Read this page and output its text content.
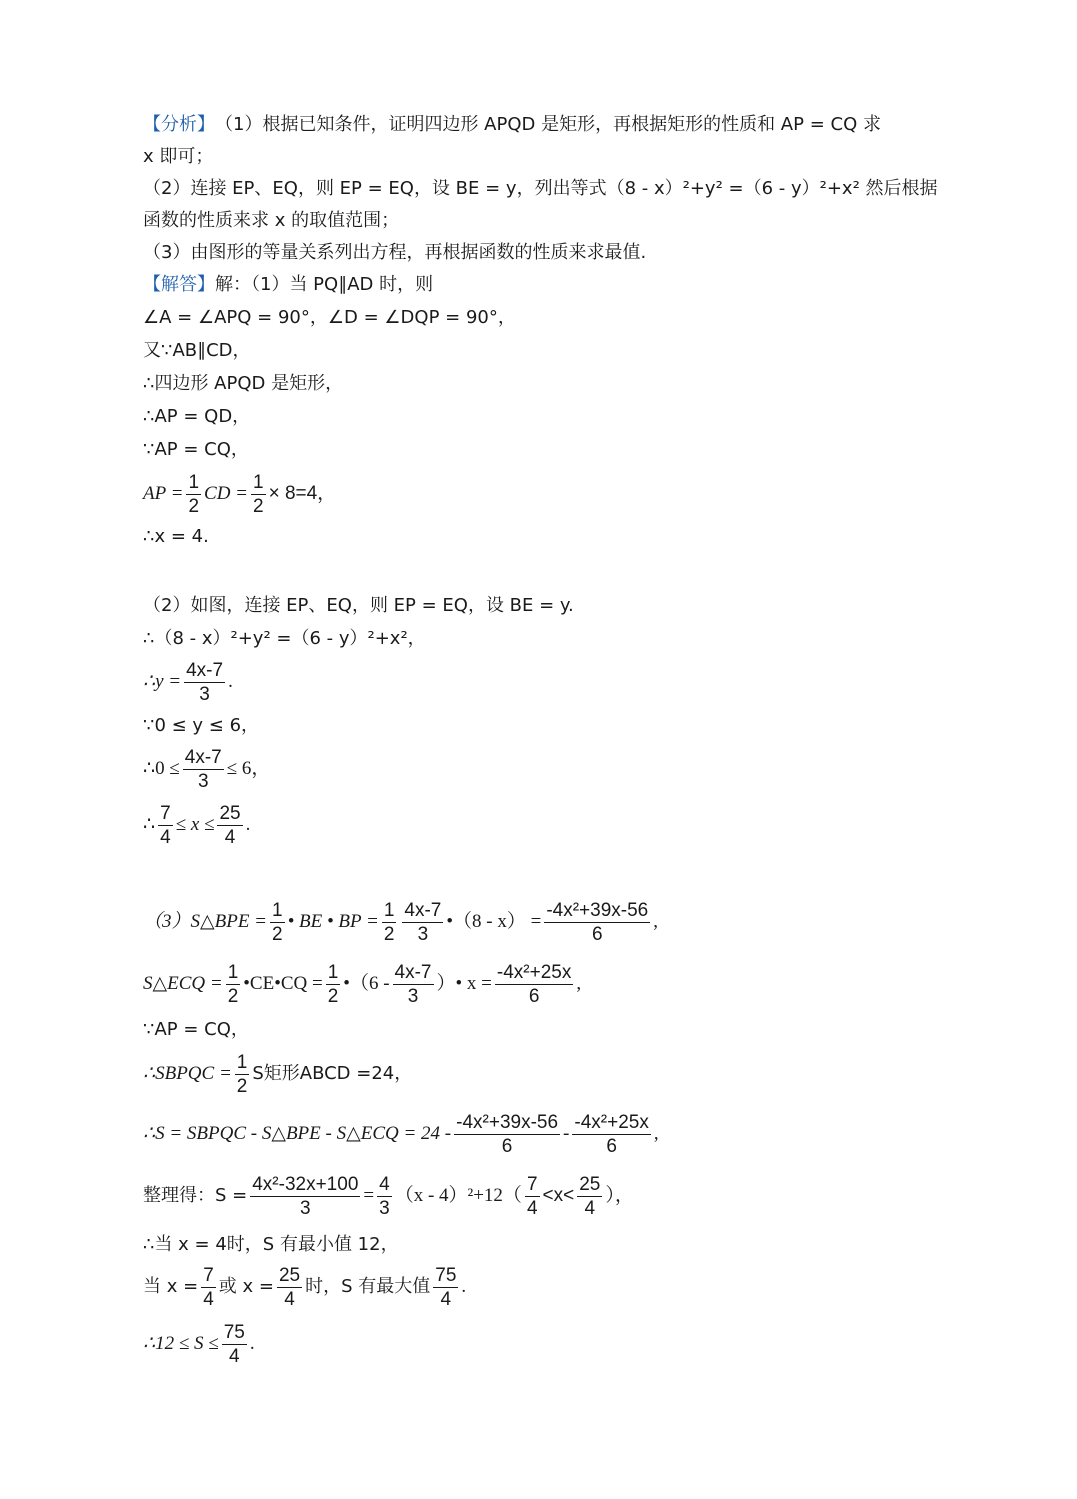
【分析】 （1）根据已知条件，证明四边形 APQD 是矩形，再根据矩形的性质和 AP = CQ 求
x 即可；
（2）连接 EP、EQ，则 EP = EQ，设 BE = y，列出等式（8 - x）²+y² =（6 - y）²+x² 然后根据
函数的性质来求 x 的取值范围；
（3）由图形的等量关系列出方程，再根据函数的性质来求最值.
【解答】 解：（1）当 PQ∥AD 时，则
∠A = ∠APQ = 90°，∠D = ∠DQP = 90°，
又∵AB∥CD，
∴四边形 APQD 是矩形，
∴AP = QD，
∵AP = CQ，
AP = $\frac{1}{2}$ CD = $\frac{1}{2} \times 8=4$，
∴x = 4.
（2）如图，连接 EP、EQ，则 EP = EQ，设 BE = y.
∴（8 - x）²+y² =（6 - y）²+x²，
∴y = $\frac{4x-7}{3}$ .
∵0 ≤ y ≤ 6，
∴0 ≤ $\frac{4x-7}{3} \le 6$，
∴ $\frac{7}{4} \le x \le \frac{25}{4}$ .
（3）S△BPE = $\frac{1}{2}$ • BE • BP = $\frac{1}{2} \frac{4x-7}{3}$ •（8 - $x) = \frac{\text{-4x²+39x-56}}{6}$ ,
S△ECQ = $\frac{1}{2}$ •CE•CQ = $\frac{1}{2}$ •（6 - $\frac{4x-7}{3}$ ）• $x = \frac{\text{-4x²+25x}}{6}$ ,
∵AP = CQ，
∴SBPQC = $\frac{1}{2}$ S矩形ABCD =24，
∴S = SBPQC - S△BPE - S△ECQ = $24 - \frac{\text{-4x²+39x-56}}{6} - \frac{\text{-4x²+25x}}{6}$ ,
整理得：$S = \frac{\text{4x²-32x+100}}{3} = \frac{4}{3} (x - 4)^2+12( \frac{7}{4} <x< \frac{25}{4}$ ），
∴当 x = 4时，S 有最小值 12，
当 $x = \frac{7}{4}$ 或 $x = \frac{25}{4}$ 时，S 有最大值 $\frac{75}{4}$ .
∴12 ≤ $S \le \frac{75}{4}$ .
